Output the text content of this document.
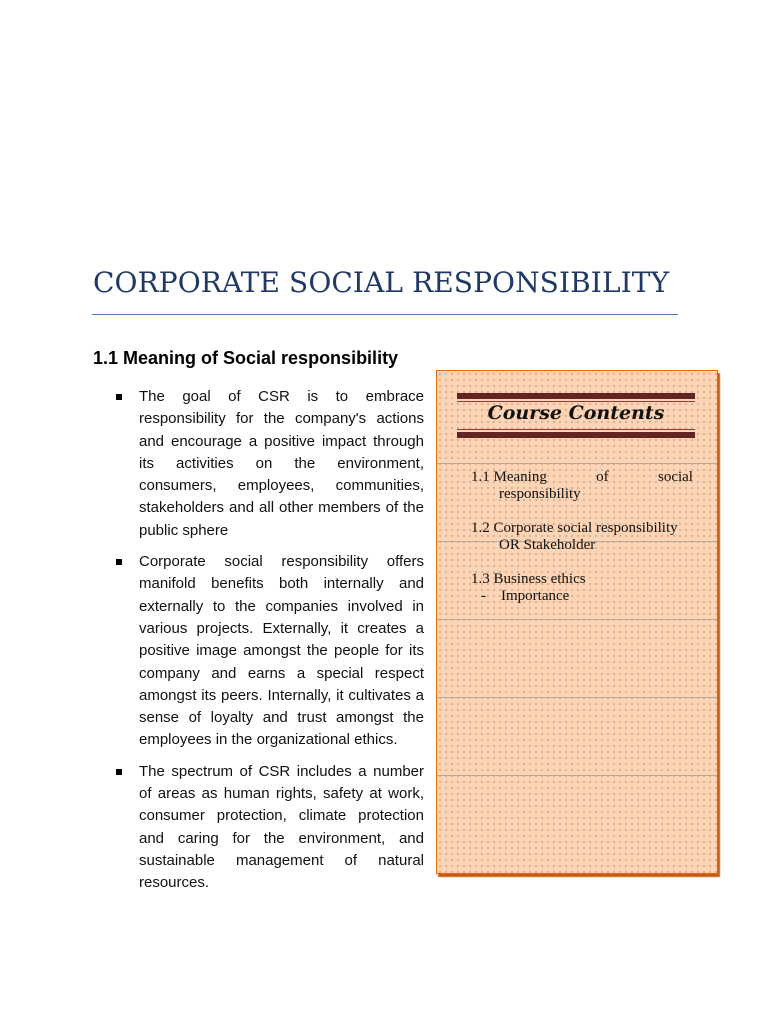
CORPORATE SOCIAL RESPONSIBILITY
1.1 Meaning of Social responsibility
The goal of CSR is to embrace responsibility for the company's actions and encourage a positive impact through its activities on the environment, consumers, employees, communities, stakeholders and all other members of the public sphere
Corporate social responsibility offers manifold benefits both internally and externally to the companies involved in various projects. Externally, it creates a positive image amongst the people for its company and earns a special respect amongst its peers. Internally, it cultivates a sense of loyalty and trust amongst the employees in the organizational ethics.
The spectrum of CSR includes a number of areas as human rights, safety at work, consumer protection, climate protection and caring for the environment, and sustainable management of natural resources.
Course Contents
1.1 Meaning	of	social
responsibility
1.2 Corporate social responsibility
OR Stakeholder
1.3 Business ethics
- Importance
